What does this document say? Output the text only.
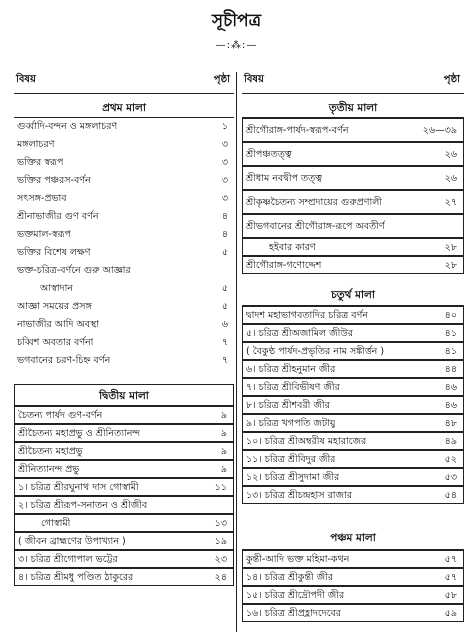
সূচীপত্র
—:⁂:—
বিষয়	পৃষ্ঠা
প্রথম মালা
গুর্ব্বাদি-বন্দন ও মঙ্গলাচরণ	১
মঙ্গলাচরণ	৩
ভক্তির স্বরূপ	৩
ভক্তির পঞ্চরস-বর্ণন	৩
সৎসঙ্গ-প্রভাব	৩
শ্রীনাভাজীর গুণ বর্ণন	৪
ভক্তমাল-স্বরূপ	৪
ভক্তির বিশেষ লক্ষণ	৫
ভক্ত-চরিত্র-বর্ণনে গুরু আজ্ঞার
আস্বাদান	৫
আজ্ঞা সময়ের প্রসঙ্গ	৫
নাভাজীর আদি অবস্থা	৬
চব্বিশ অবতার বর্ণনা	৭
ভগবানের চরণ-চিহ্ন বর্ণন	৭
দ্বিতীয় মালা
চৈতন্য পার্ষদ গুণ-বর্ণন	৯
শ্রীচৈতন্য মহাপ্রভু ও শ্রীনিত্যানন্দ	৯
শ্রীচৈতন্য মহাপ্রভু	৯
শ্রীনিত্যানন্দ প্রভু	৯
১। চরিত্র শ্রীরঘুনাথ দাস গোস্বামী	১১
২। চরিত্র শ্রীরূপ-সনাতন ও শ্রীজীব
গোস্বামী	১৩
( জীবন ব্রাহ্মণের উপাখ্যান )	১৯
৩। চরিত্র শ্রীগোপাল ভট্টের	২৩
৪। চরিত্র শ্রীমধু পণ্ডিত ঠাকুরের	২৪
বিষয়	পৃষ্ঠা
তৃতীয় মালা
শ্রীগৌরাঙ্গ-পার্ষদ-স্বরূপ-বর্ণন	২৬—৩৯
শ্রীপঞ্চতত্ত্ব	২৬
শ্রীধাম নবদ্বীপ তত্ত্ব	২৬
শ্রীকৃষ্ণচৈতন্য সম্প্রদায়ের গুরুপ্রণালী	২৭
শ্রীভগবানের শ্রীগৌরাঙ্গ-রূপে অবতীর্ণ
হইবার কারণ	২৮
শ্রীগৌরাঙ্গ-গণোদ্দেশ	২৮
চতুর্থ মালা
দ্বাদশ মহাভাগবতাদির চরিত্র বর্ণন	৪০
৫। চরিত্র শ্রীঅজামিল জীউর	৪১
( বৈকুণ্ঠ পার্ষদ-প্রভৃতির নাম সঙ্কীর্ত্তন )	৪১
৬। চরিত্র শ্রীহনুমান জীর	৪৪
৭। চরিত্র শ্রীবিভীষণ জীর	৪৬
৮। চরিত্র শ্রীশবরী জীর	৪৬
৯। চরিত্র খগপতি জটায়ু	৪৮
১০। চরিত্র শ্রীঅম্বরীষ মহারাজের	৪৯
১১। চরিত্র শ্রীবিদুর জীর	৫২
১২। চরিত্র শ্রীসুদামা জীর	৫৩
১৩। চরিত্র শ্রীচন্দ্রহাস রাজার	৫৪
পঞ্চম মালা
কুন্তী-আদি ভক্ত মহিমা-কথন	৫৭
১৪। চরিত্র শ্রীকুন্তী জীর	৫৭
১৫। চরিত্র শ্রীদ্রৌপদী জীর	৫৮
১৬। চরিত্র শ্রীপ্রহ্লাদদেবের	৫৯
